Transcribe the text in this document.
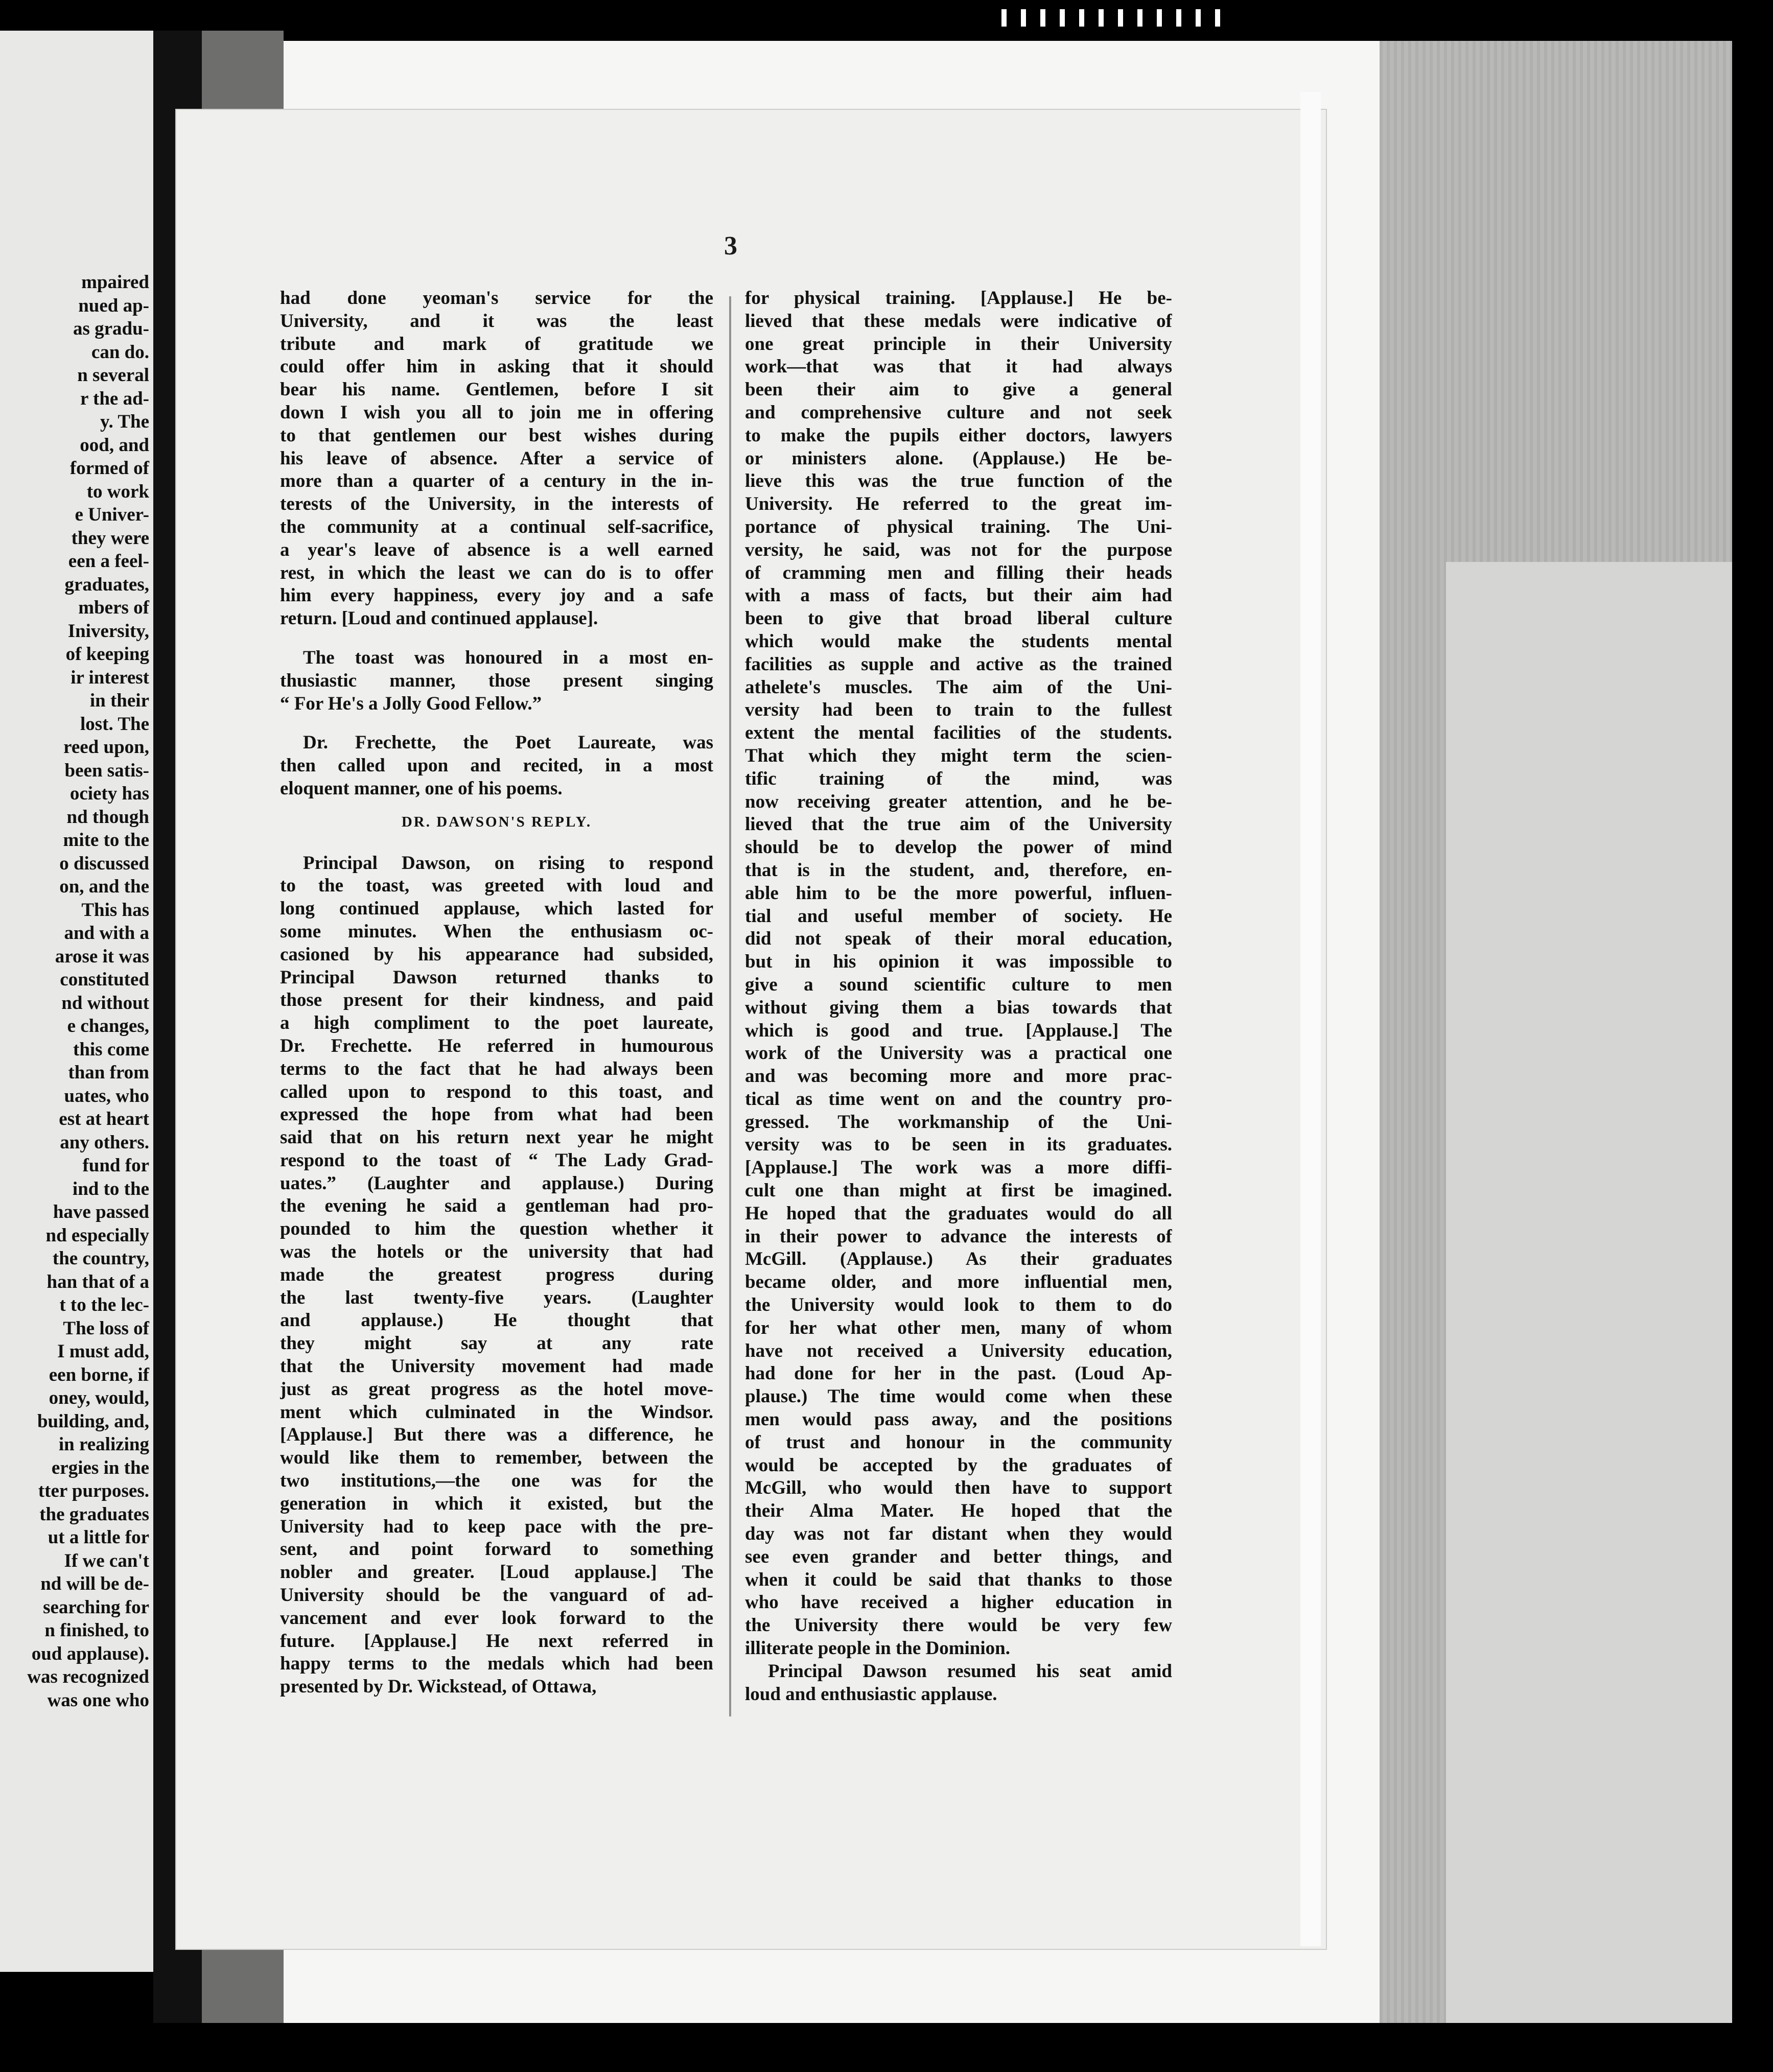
mpaired
nued ap-
as gradu-
can do.
n several
r the ad-
y. The
ood, and
formed of
to work
e Univer-
they were
een a feel-
graduates,
mbers of
Iniversity,
of keeping
ir interest
in their
lost. The
reed upon,
been satis-
ociety has
nd though
mite to the
o discussed
on, and the
This has
and with a
arose it was
constituted
nd without
e changes,
this come
than from
uates, who
est at heart
any others.
fund for
ind to the
have passed
nd especially
the country,
han that of a
t to the lec-
The loss of
I must add,
een borne, if
oney, would,
building, and,
in realizing
ergies in the
tter purposes.
the graduates
ut a little for
If we can't
nd will be de-
searching for
n finished, to
oud applause).
was recognized
was one who
3
had done yeoman's service for the
University, and it was the least
tribute and mark of gratitude we
could offer him in asking that it should
bear his name. Gentlemen, before I sit
down I wish you all to join me in offering
to that gentlemen our best wishes during
his leave of absence. After a service of
more than a quarter of a century in the in-
terests of the University, in the interests of
the community at a continual self-sacrifice,
a year's leave of absence is a well earned
rest, in which the least we can do is to offer
him every happiness, every joy and a safe
return. [Loud and continued applause].
The toast was honoured in a most en-
thusiastic manner, those present singing
“ For He's a Jolly Good Fellow.”
Dr. Frechette, the Poet Laureate, was
then called upon and recited, in a most
eloquent manner, one of his poems.
DR. DAWSON'S REPLY.
Principal Dawson, on rising to respond
to the toast, was greeted with loud and
long continued applause, which lasted for
some minutes. When the enthusiasm oc-
casioned by his appearance had subsided,
Principal Dawson returned thanks to
those present for their kindness, and paid
a high compliment to the poet laureate,
Dr. Frechette. He referred in humourous
terms to the fact that he had always been
called upon to respond to this toast, and
expressed the hope from what had been
said that on his return next year he might
respond to the toast of “ The Lady Grad-
uates.” (Laughter and applause.) During
the evening he said a gentleman had pro-
pounded to him the question whether it
was the hotels or the university that had
made the greatest progress during
the last twenty-five years. (Laughter
and applause.) He thought that
they might say at any rate
that the University movement had made
just as great progress as the hotel move-
ment which culminated in the Windsor.
[Applause.] But there was a difference, he
would like them to remember, between the
two institutions,—the one was for the
generation in which it existed, but the
University had to keep pace with the pre-
sent, and point forward to something
nobler and greater. [Loud applause.] The
University should be the vanguard of ad-
vancement and ever look forward to the
future. [Applause.] He next referred in
happy terms to the medals which had been
presented by Dr. Wickstead, of Ottawa,
for physical training. [Applause.] He be-
lieved that these medals were indicative of
one great principle in their University
work—that was that it had always
been their aim to give a general
and comprehensive culture and not seek
to make the pupils either doctors, lawyers
or ministers alone. (Applause.) He be-
lieve this was the true function of the
University. He referred to the great im-
portance of physical training. The Uni-
versity, he said, was not for the purpose
of cramming men and filling their heads
with a mass of facts, but their aim had
been to give that broad liberal culture
which would make the students mental
facilities as supple and active as the trained
athelete's muscles. The aim of the Uni-
versity had been to train to the fullest
extent the mental facilities of the students.
That which they might term the scien-
tific training of the mind, was
now receiving greater attention, and he be-
lieved that the true aim of the University
should be to develop the power of mind
that is in the student, and, therefore, en-
able him to be the more powerful, influen-
tial and useful member of society. He
did not speak of their moral education,
but in his opinion it was impossible to
give a sound scientific culture to men
without giving them a bias towards that
which is good and true. [Applause.] The
work of the University was a practical one
and was becoming more and more prac-
tical as time went on and the country pro-
gressed. The workmanship of the Uni-
versity was to be seen in its graduates.
[Applause.] The work was a more diffi-
cult one than might at first be imagined.
He hoped that the graduates would do all
in their power to advance the interests of
McGill. (Applause.) As their graduates
became older, and more influential men,
the University would look to them to do
for her what other men, many of whom
have not received a University education,
had done for her in the past. (Loud Ap-
plause.) The time would come when these
men would pass away, and the positions
of trust and honour in the community
would be accepted by the graduates of
McGill, who would then have to support
their Alma Mater. He hoped that the
day was not far distant when they would
see even grander and better things, and
when it could be said that thanks to those
who have received a higher education in
the University there would be very few
illiterate people in the Dominion.
Principal Dawson resumed his seat amid
loud and enthusiastic applause.
